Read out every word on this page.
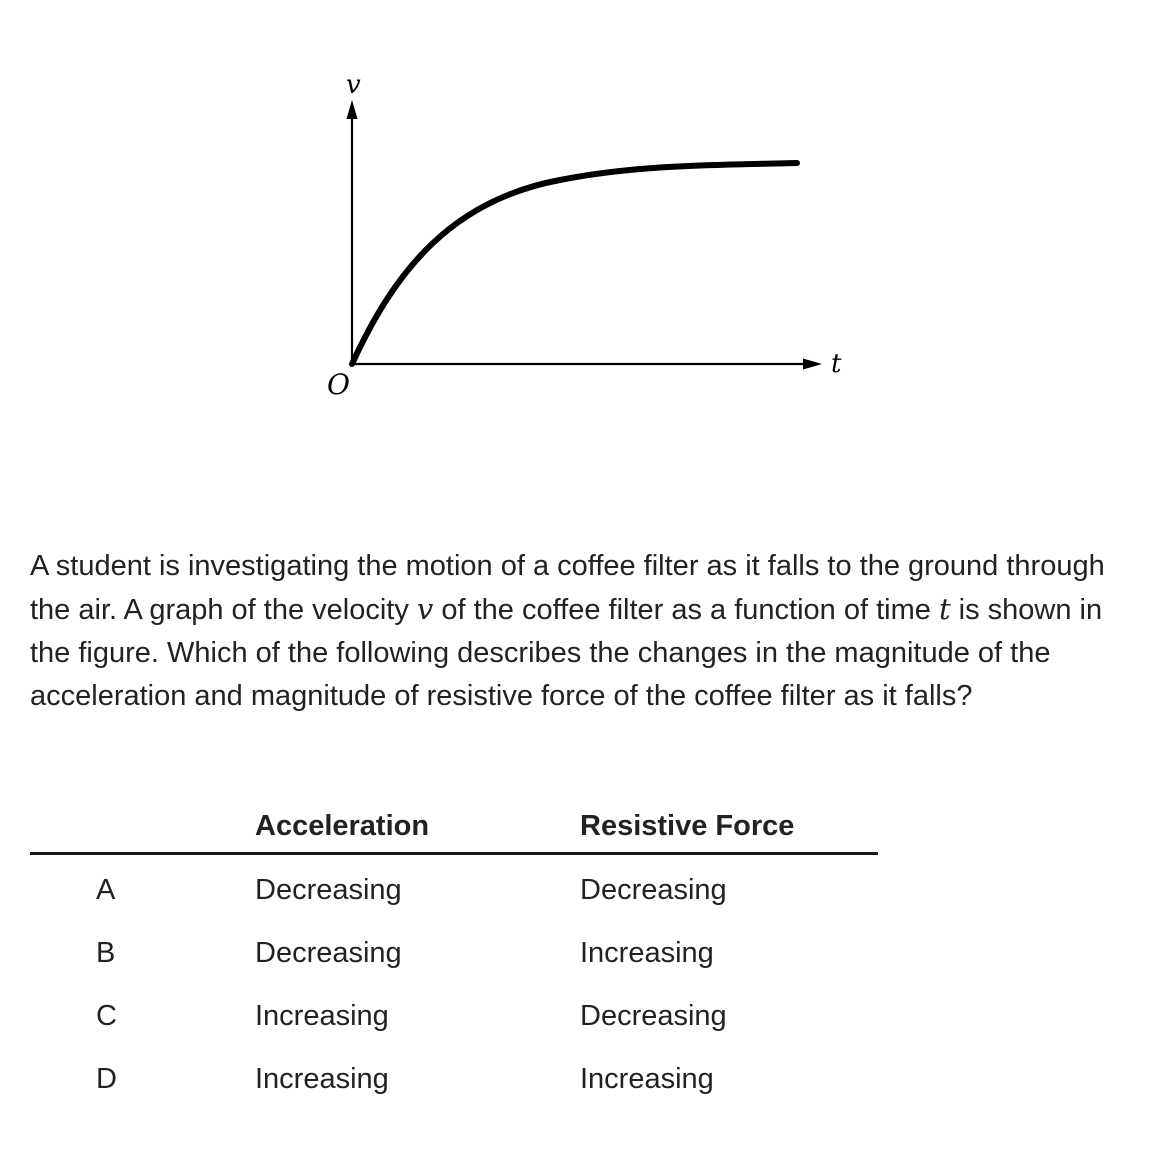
v
t
O

A student is investigating the motion of a coffee filter as it falls to the ground through the air. A graph of the velocity v of the coffee filter as a function of time t is shown in the figure. Which of the following describes the changes in the magnitude of the acceleration and magnitude of resistive force of the coffee filter as it falls?

	Acceleration	Resistive Force
A	Decreasing	Decreasing
B	Decreasing	Increasing
C	Increasing	Decreasing
D	Increasing	Increasing
